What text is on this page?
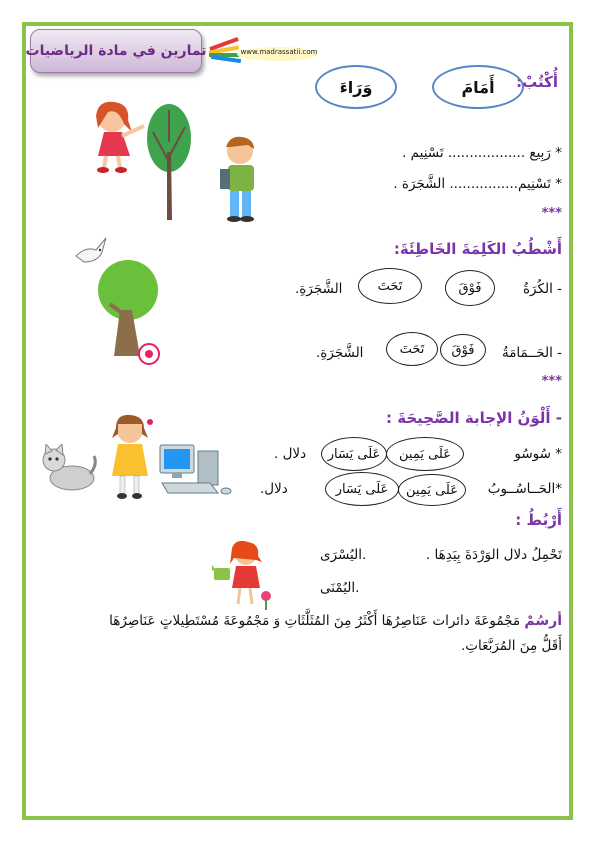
تمارين في مادة الرياضيات	www.madrassatii.com
أُكْتُبْ:
أَمَامَ
وَرَاءَ
* رَبِيع .................. تَسْنِيم .
* تَسْنِيم................ الشَّجَرَة .
***
أَشْطُبُ الكَلِمَةَ الخَاطِئَةَ:
- الكُرَةُ
فَوْقَ
تَحَتَ
الشَّجَرَةِ.
- الحَــمَامَةُ
فَوْقَ
تَحَتَ
الشَّجَرَةِ.
***
- أَلْوَنُ الإجابة الصَّحِيحَةَ :
* سُوسُو
عَلَى يَمِين
عَلَى يَسَار
دلال .
*الحَــاسُــوبُ
عَلَى يَمِين
عَلَى يَسَار
دلال.
أَرْبُطُ :
تَحْمِلُ دلال الوَرْدَةَ بِيَدِهَا .
.اليُسْرَى
.اليُمْنَى
أرسُمْ مَجْمُوعَةَ دائرات عَنَاصِرُهَا أَكْثَرُ مِنَ المُثَلَّثَاتِ وَ مَجْمُوعَةَ مُسْتَطِيلاتٍ عَنَاصِرُهَا
أَقَلُّ مِنَ المُرَبَّعَاتِ.
